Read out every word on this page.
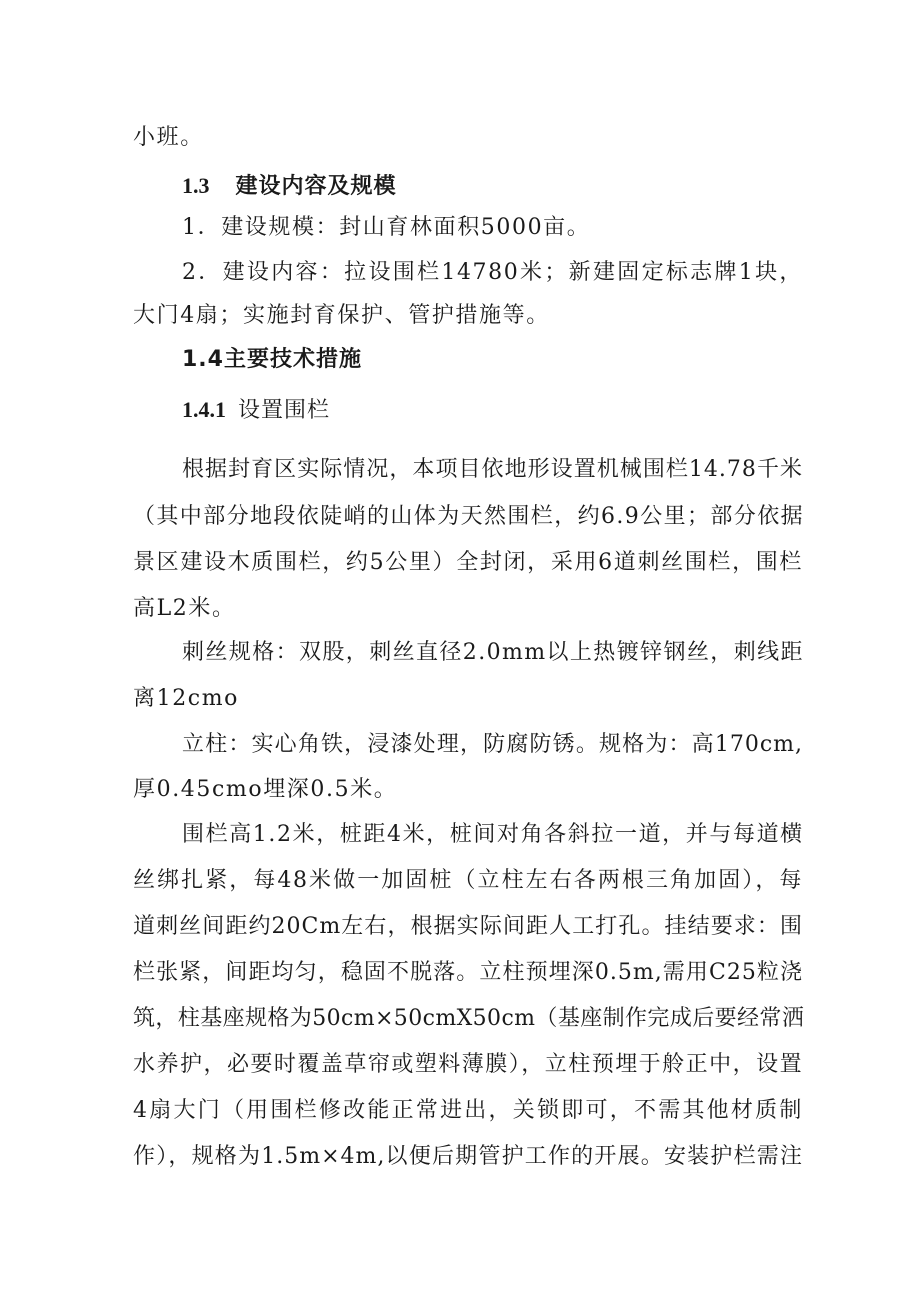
小班。
1.3 建设内容及规模
1．建设规模：封山育林面积5000亩。
2．建设内容：拉设围栏14780米；新建固定标志牌1块，
大门4扇；实施封育保护、管护措施等。
1.4主要技术措施
1.4.1 设置围栏
根据封育区实际情况，本项目依地形设置机械围栏14.78千米
（其中部分地段依陡峭的山体为天然围栏，约6.9公里；部分依据
景区建设木质围栏，约5公里）全封闭，采用6道刺丝围栏，围栏
高L2米。
刺丝规格：双股，刺丝直径2.0mm以上热镀锌钢丝，刺线距
离12cmo
立柱：实心角铁，浸漆处理，防腐防锈。规格为：高170cm,
厚0.45cmo埋深0.5米。
围栏高1.2米，桩距4米，桩间对角各斜拉一道，并与每道横
丝绑扎紧，每48米做一加固桩（立柱左右各两根三角加固），每
道刺丝间距约20Cm左右，根据实际间距人工打孔。挂结要求：围
栏张紧，间距均匀，稳固不脱落。立柱预埋深0.5m,需用C25粒浇
筑，柱基座规格为50cm×50cmX50cm（基座制作完成后要经常洒
水养护，必要时覆盖草帘或塑料薄膜），立柱预埋于舲正中，设置
4扇大门（用围栏修改能正常进出，关锁即可，不需其他材质制
作），规格为1.5m×4m,以便后期管护工作的开展。安装护栏需注
